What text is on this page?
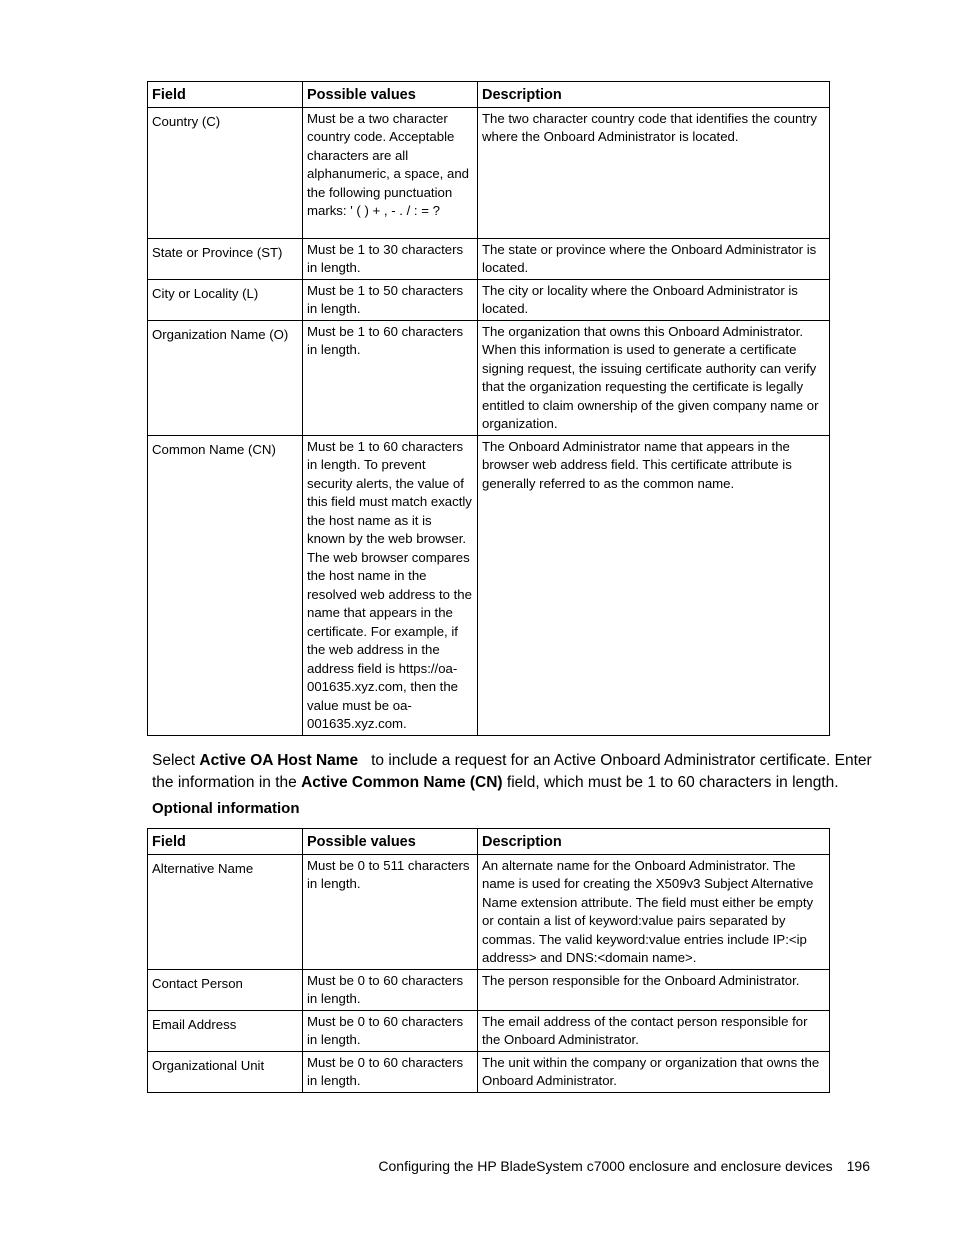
Field	Possible values	Description
Country (C)	Must be a two character country code. Acceptable characters are all alphanumeric, a space, and the following punctuation marks: ' ( ) + , - . / : = ?	The two character country code that identifies the country where the Onboard Administrator is located.
State or Province (ST)	Must be 1 to 30 characters in length.	The state or province where the Onboard Administrator is located.
City or Locality (L)	Must be 1 to 50 characters in length.	The city or locality where the Onboard Administrator is located.
Organization Name (O)	Must be 1 to 60 characters in length.	The organization that owns this Onboard Administrator. When this information is used to generate a certificate signing request, the issuing certificate authority can verify that the organization requesting the certificate is legally entitled to claim ownership of the given company name or organization.
Common Name (CN)	Must be 1 to 60 characters in length. To prevent security alerts, the value of this field must match exactly the host name as it is known by the web browser. The web browser compares the host name in the resolved web address to the name that appears in the certificate. For example, if the web address in the address field is https://oa-001635.xyz.com, then the value must be oa-001635.xyz.com.	The Onboard Administrator name that appears in the browser web address field. This certificate attribute is generally referred to as the common name.
Select Active OA Host Name   to include a request for an Active Onboard Administrator certificate. Enter the information in the Active Common Name (CN) field, which must be 1 to 60 characters in length.
Optional information
Field	Possible values	Description
Alternative Name	Must be 0 to 511 characters in length.	An alternate name for the Onboard Administrator. The name is used for creating the X509v3 Subject Alternative Name extension attribute. The field must either be empty or contain a list of keyword:value pairs separated by commas. The valid keyword:value entries include IP:<ip address> and DNS:<domain name>.
Contact Person	Must be 0 to 60 characters in length.	The person responsible for the Onboard Administrator.
Email Address	Must be 0 to 60 characters in length.	The email address of the contact person responsible for the Onboard Administrator.
Organizational Unit	Must be 0 to 60 characters in length.	The unit within the company or organization that owns the Onboard Administrator.
Configuring the HP BladeSystem c7000 enclosure and enclosure devices 196
